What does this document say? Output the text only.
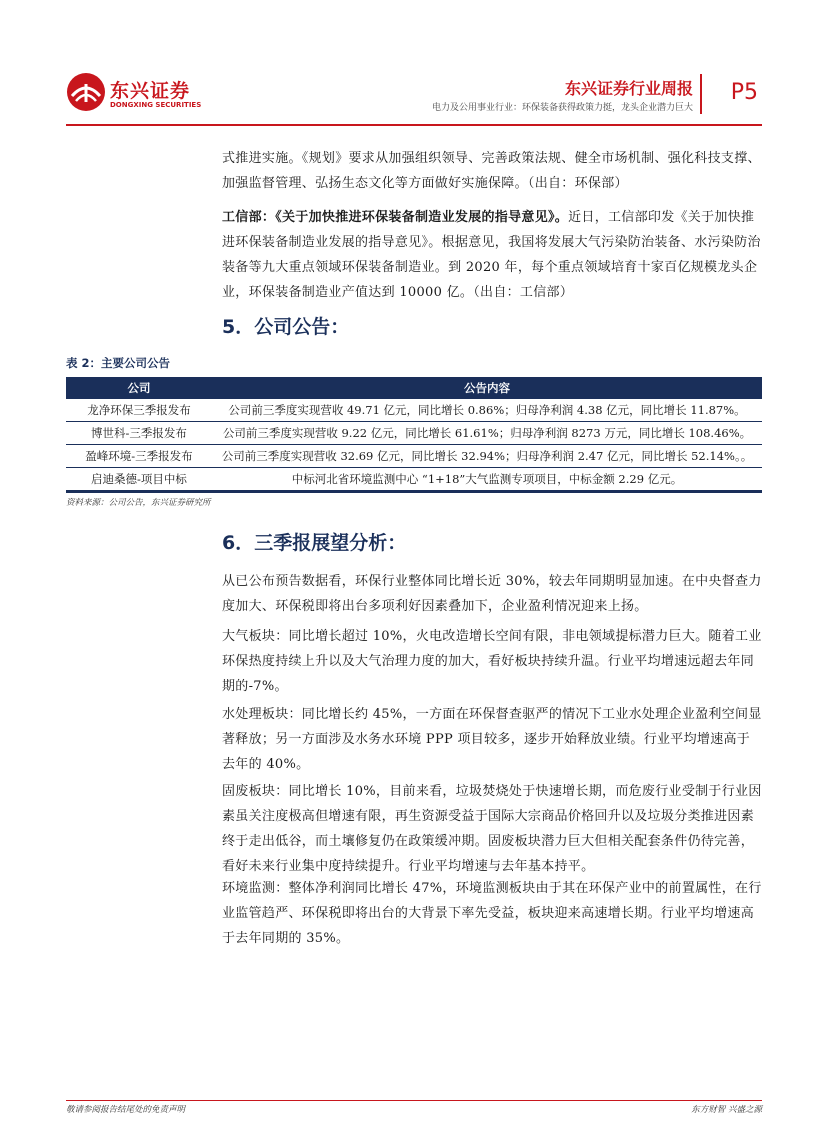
东兴证券
DONGXING SECURITIES
东兴证券行业周报
电力及公用事业行业：环保装备获得政策力挺，龙头企业潜力巨大
P5

式推进实施。《规划》要求从加强组织领导、完善政策法规、健全市场机制、强化科技支撑、加强监督管理、弘扬生态文化等方面做好实施保障。（出自：环保部）

工信部：《关于加快推进环保装备制造业发展的指导意见》。近日，工信部印发《关于加快推进环保装备制造业发展的指导意见》。根据意见，我国将发展大气污染防治装备、水污染防治装备等九大重点领域环保装备制造业。到 2020 年，每个重点领域培育十家百亿规模龙头企业，环保装备制造业产值达到 10000 亿。（出自：工信部）

5．公司公告：
表 2：主要公司公告
公司	公告内容
龙净环保三季报发布	公司前三季度实现营收 49.71 亿元，同比增长 0.86%；归母净利润 4.38 亿元，同比增长 11.87%。
博世科-三季报发布	公司前三季度实现营收 9.22 亿元，同比增长 61.61%；归母净利润 8273 万元，同比增长 108.46%。
盈峰环境-三季报发布	公司前三季度实现营收 32.69 亿元，同比增长 32.94%；归母净利润 2.47 亿元，同比增长 52.14%。。
启迪桑德-项目中标	中标河北省环境监测中心 “1+18”大气监测专项项目，中标金额 2.29 亿元。
资料来源：公司公告，东兴证券研究所
6．三季报展望分析：

从已公布预告数据看，环保行业整体同比增长近 30%，较去年同期明显加速。在中央督查力度加大、环保税即将出台多项利好因素叠加下，企业盈利情况迎来上扬。

大气板块：同比增长超过 10%，火电改造增长空间有限，非电领域提标潜力巨大。随着工业环保热度持续上升以及大气治理力度的加大，看好板块持续升温。行业平均增速远超去年同期的-7%。

水处理板块：同比增长约 45%，一方面在环保督查驱严的情况下工业水处理企业盈利空间显著释放；另一方面涉及水务水环境 PPP 项目较多，逐步开始释放业绩。行业平均增速高于去年的 40%。

固废板块：同比增长 10%，目前来看，垃圾焚烧处于快速增长期，而危废行业受制于行业因素虽关注度极高但增速有限，再生资源受益于国际大宗商品价格回升以及垃圾分类推进因素终于走出低谷，而土壤修复仍在政策缓冲期。固废板块潜力巨大但相关配套条件仍待完善，看好未来行业集中度持续提升。行业平均增速与去年基本持平。

环境监测：整体净利润同比增长 47%，环境监测板块由于其在环保产业中的前置属性，在行业监管趋严、环保税即将出台的大背景下率先受益，板块迎来高速增长期。行业平均增速高于去年同期的 35%。

敬请参阅报告结尾处的免责声明	东方财智 兴盛之源
